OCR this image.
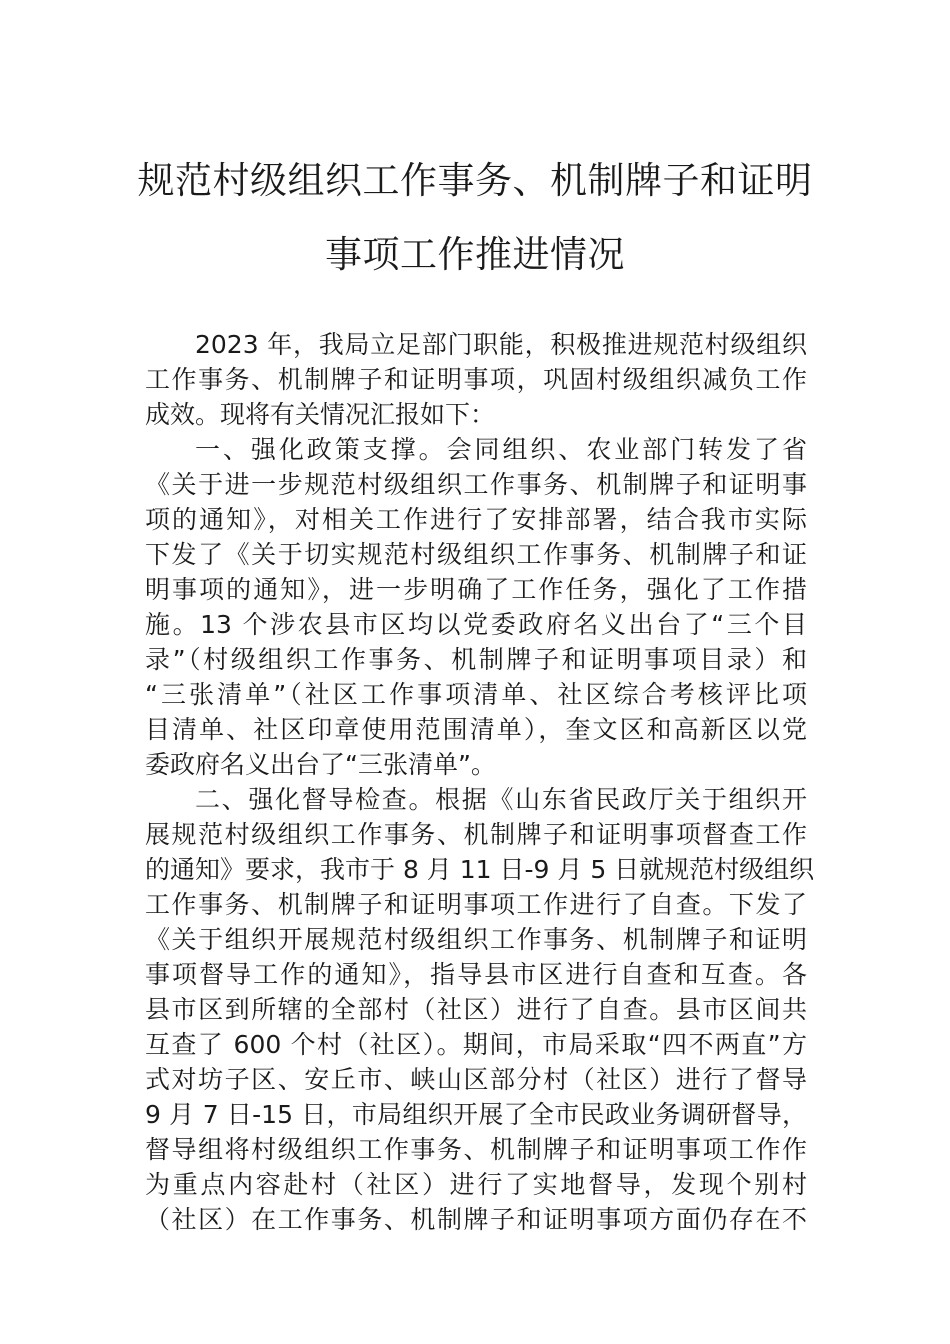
规范村级组织工作事务、机制牌子和证明
事项工作推进情况
2023 年，我局立足部门职能，积极推进规范村级组织
工作事务、机制牌子和证明事项，巩固村级组织减负工作
成效。现将有关情况汇报如下：
一、强化政策支撑。会同组织、农业部门转发了省
《关于进一步规范村级组织工作事务、机制牌子和证明事
项的通知》，对相关工作进行了安排部署，结合我市实际
下发了《关于切实规范村级组织工作事务、机制牌子和证
明事项的通知》，进一步明确了工作任务，强化了工作措
施。13 个涉农县市区均以党委政府名义出台了“三个目
录”（村级组织工作事务、机制牌子和证明事项目录）和
“三张清单”（社区工作事项清单、社区综合考核评比项
目清单、社区印章使用范围清单），奎文区和高新区以党
委政府名义出台了“三张清单”。
二、强化督导检查。根据《山东省民政厅关于组织开
展规范村级组织工作事务、机制牌子和证明事项督查工作
的通知》要求，我市于 8 月 11 日-9 月 5 日就规范村级组织
工作事务、机制牌子和证明事项工作进行了自查。下发了
《关于组织开展规范村级组织工作事务、机制牌子和证明
事项督导工作的通知》，指导县市区进行自查和互查。各
县市区到所辖的全部村（社区）进行了自查。县市区间共
互查了 600 个村（社区）。期间，市局采取“四不两直”方
式对坊子区、安丘市、峡山区部分村（社区）进行了督导
9 月 7 日-15 日，市局组织开展了全市民政业务调研督导，
督导组将村级组织工作事务、机制牌子和证明事项工作作
为重点内容赴村（社区）进行了实地督导，发现个别村
（社区）在工作事务、机制牌子和证明事项方面仍存在不
